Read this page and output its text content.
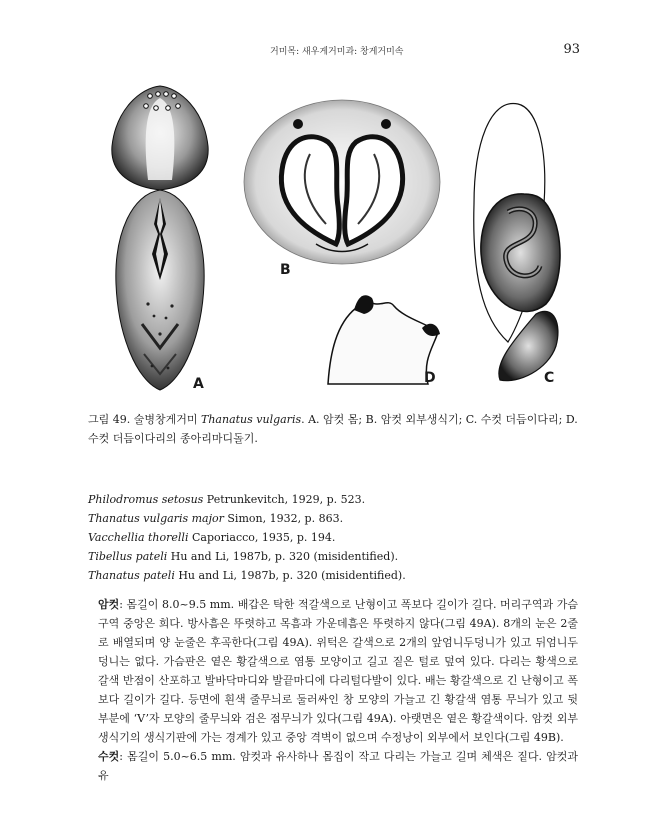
거미목: 새우게거미과: 창게거미속	93
A
B
D	C
그림 49. 술병창게거미 Thanatus vulgaris. A. 암컷 몸; B. 암컷 외부생식기; C. 수컷 더듬이다리; D. 수컷 더듬이다리의 종아리마디돌기.
Philodromus setosus Petrunkevitch, 1929, p. 523.
Thanatus vulgaris major Simon, 1932, p. 863.
Vacchellia thorelli Caporiacco, 1935, p. 194.
Tibellus pateli Hu and Li, 1987b, p. 320 (misidentified).
Thanatus pateli Hu and Li, 1987b, p. 320 (misidentified).

암컷: 몸길이 8.0~9.5 mm. 배갑은 탁한 적갈색으로 난형이고 폭보다 길이가 길다. 머리구역과 가슴구역 중앙은 희다. 방사흠은 뚜렷하고 목흠과 가운데흠은 뚜렷하지 않다(그림 49A). 8개의 눈은 2줄로 배열되며 양 눈줄은 후곡한다(그림 49A). 위턱은 갈색으로 2개의 앞엄니두덩니가 있고 뒤엄니두덩니는 없다. 가슴판은 옅은 황갈색으로 염통 모양이고 길고 짙은 털로 덮여 있다. 다리는 황색으로 갈색 반점이 산포하고 발바닥마디와 발끝마디에 다리털다발이 있다. 배는 황갈색으로 긴 난형이고 폭보다 길이가 길다. 등면에 흰색 줄무늬로 둘러싸인 창 모양의 가늘고 긴 황갈색 염통 무늬가 있고 뒷부분에 ‘V’자 모양의 줄무늬와 검은 점무늬가 있다(그림 49A). 아랫면은 옅은 황갈색이다. 암컷 외부생식기의 생식기판에 가는 경계가 있고 중앙 격벽이 없으며 수정낭이 외부에서 보인다(그림 49B).

수컷: 몸길이 5.0~6.5 mm. 암컷과 유사하나 몸집이 작고 다리는 가늘고 길며 체색은 짙다. 암컷과 유
